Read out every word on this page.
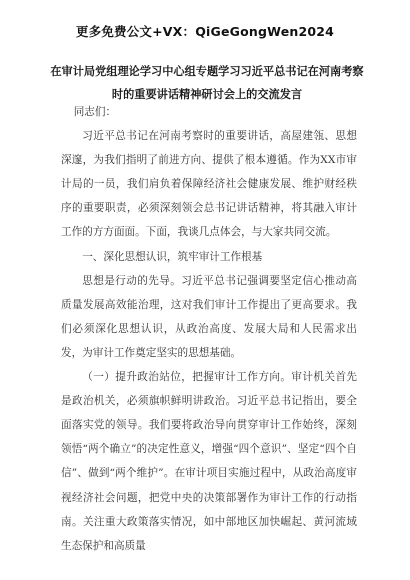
更多免费公文+VX：QiGeGongWen2024
在审计局党组理论学习中心组专题学习习近平总书记在河南考察时的重要讲话精神研讨会上的交流发言

同志们：

习近平总书记在河南考察时的重要讲话，高屋建瓴、思想深邃，为我们指明了前进方向、提供了根本遵循。作为XX市审计局的一员，我们肩负着保障经济社会健康发展、维护财经秩序的重要职责，必须深刻领会总书记讲话精神，将其融入审计工作的方方面面。下面，我谈几点体会，与大家共同交流。

一、深化思想认识，筑牢审计工作根基

思想是行动的先导。习近平总书记强调要坚定信心推动高质量发展高效能治理，这对我们审计工作提出了更高要求。我们必须深化思想认识，从政治高度、发展大局和人民需求出发，为审计工作奠定坚实的思想基础。

（一）提升政治站位，把握审计工作方向。审计机关首先是政治机关，必须旗帜鲜明讲政治。习近平总书记指出，要全面落实党的领导。我们要将政治导向贯穿审计工作始终，深刻领悟“两个确立”的决定性意义，增强“四个意识”、坚定“四个自信”、做到“两个维护”。在审计项目实施过程中，从政治高度审视经济社会问题，把党中央的决策部署作为审计工作的行动指南。关注重大政策落实情况，如中部地区加快崛起、黄河流域生态保护和高质量
